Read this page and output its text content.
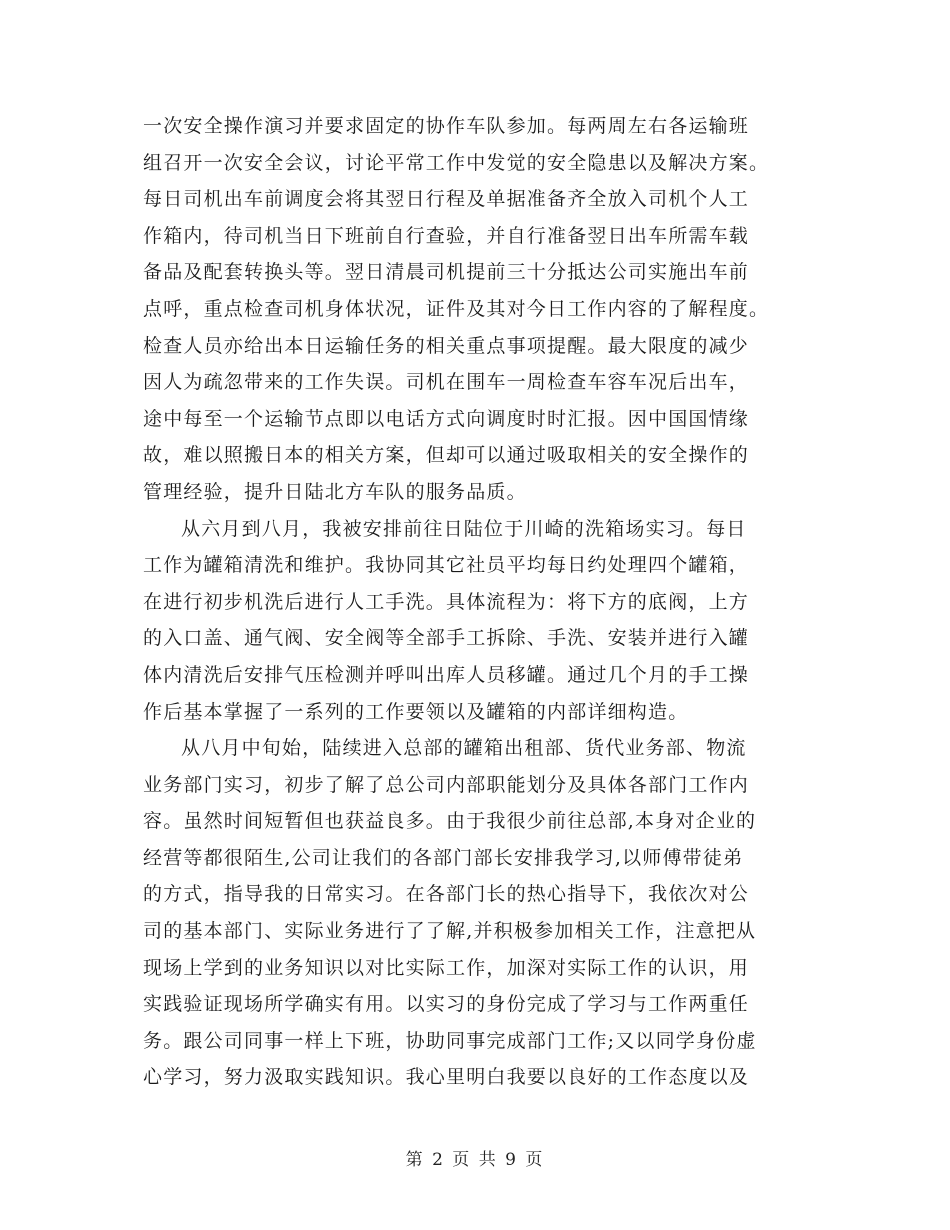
一次安全操作演习并要求固定的协作车队参加。每两周左右各运输班
组召开一次安全会议，讨论平常工作中发觉的安全隐患以及解决方案。
每日司机出车前调度会将其翌日行程及单据准备齐全放入司机个人工
作箱内，待司机当日下班前自行查验，并自行准备翌日出车所需车载
备品及配套转换头等。翌日清晨司机提前三十分抵达公司实施出车前
点呼，重点检查司机身体状况，证件及其对今日工作内容的了解程度。
检查人员亦给出本日运输任务的相关重点事项提醒。最大限度的减少
因人为疏忽带来的工作失误。司机在围车一周检查车容车况后出车，
途中每至一个运输节点即以电话方式向调度时时汇报。因中国国情缘
故，难以照搬日本的相关方案，但却可以通过吸取相关的安全操作的
管理经验，提升日陆北方车队的服务品质。
从六月到八月，我被安排前往日陆位于川崎的洗箱场实习。每日
工作为罐箱清洗和维护。我协同其它社员平均每日约处理四个罐箱，
在进行初步机洗后进行人工手洗。具体流程为：将下方的底阀，上方
的入口盖、通气阀、安全阀等全部手工拆除、手洗、安装并进行入罐
体内清洗后安排气压检测并呼叫出库人员移罐。通过几个月的手工操
作后基本掌握了一系列的工作要领以及罐箱的内部详细构造。
从八月中旬始，陆续进入总部的罐箱出租部、货代业务部、物流
业务部门实习，初步了解了总公司内部职能划分及具体各部门工作内
容。虽然时间短暂但也获益良多。由于我很少前往总部,本身对企业的
经营等都很陌生,公司让我们的各部门部长安排我学习,以师傅带徒弟
的方式，指导我的日常实习。在各部门长的热心指导下，我依次对公
司的基本部门、实际业务进行了了解,并积极参加相关工作，注意把从
现场上学到的业务知识以对比实际工作，加深对实际工作的认识，用
实践验证现场所学确实有用。以实习的身份完成了学习与工作两重任
务。跟公司同事一样上下班，协助同事完成部门工作;又以同学身份虚
心学习，努力汲取实践知识。我心里明白我要以良好的工作态度以及
第 2 页 共 9 页
